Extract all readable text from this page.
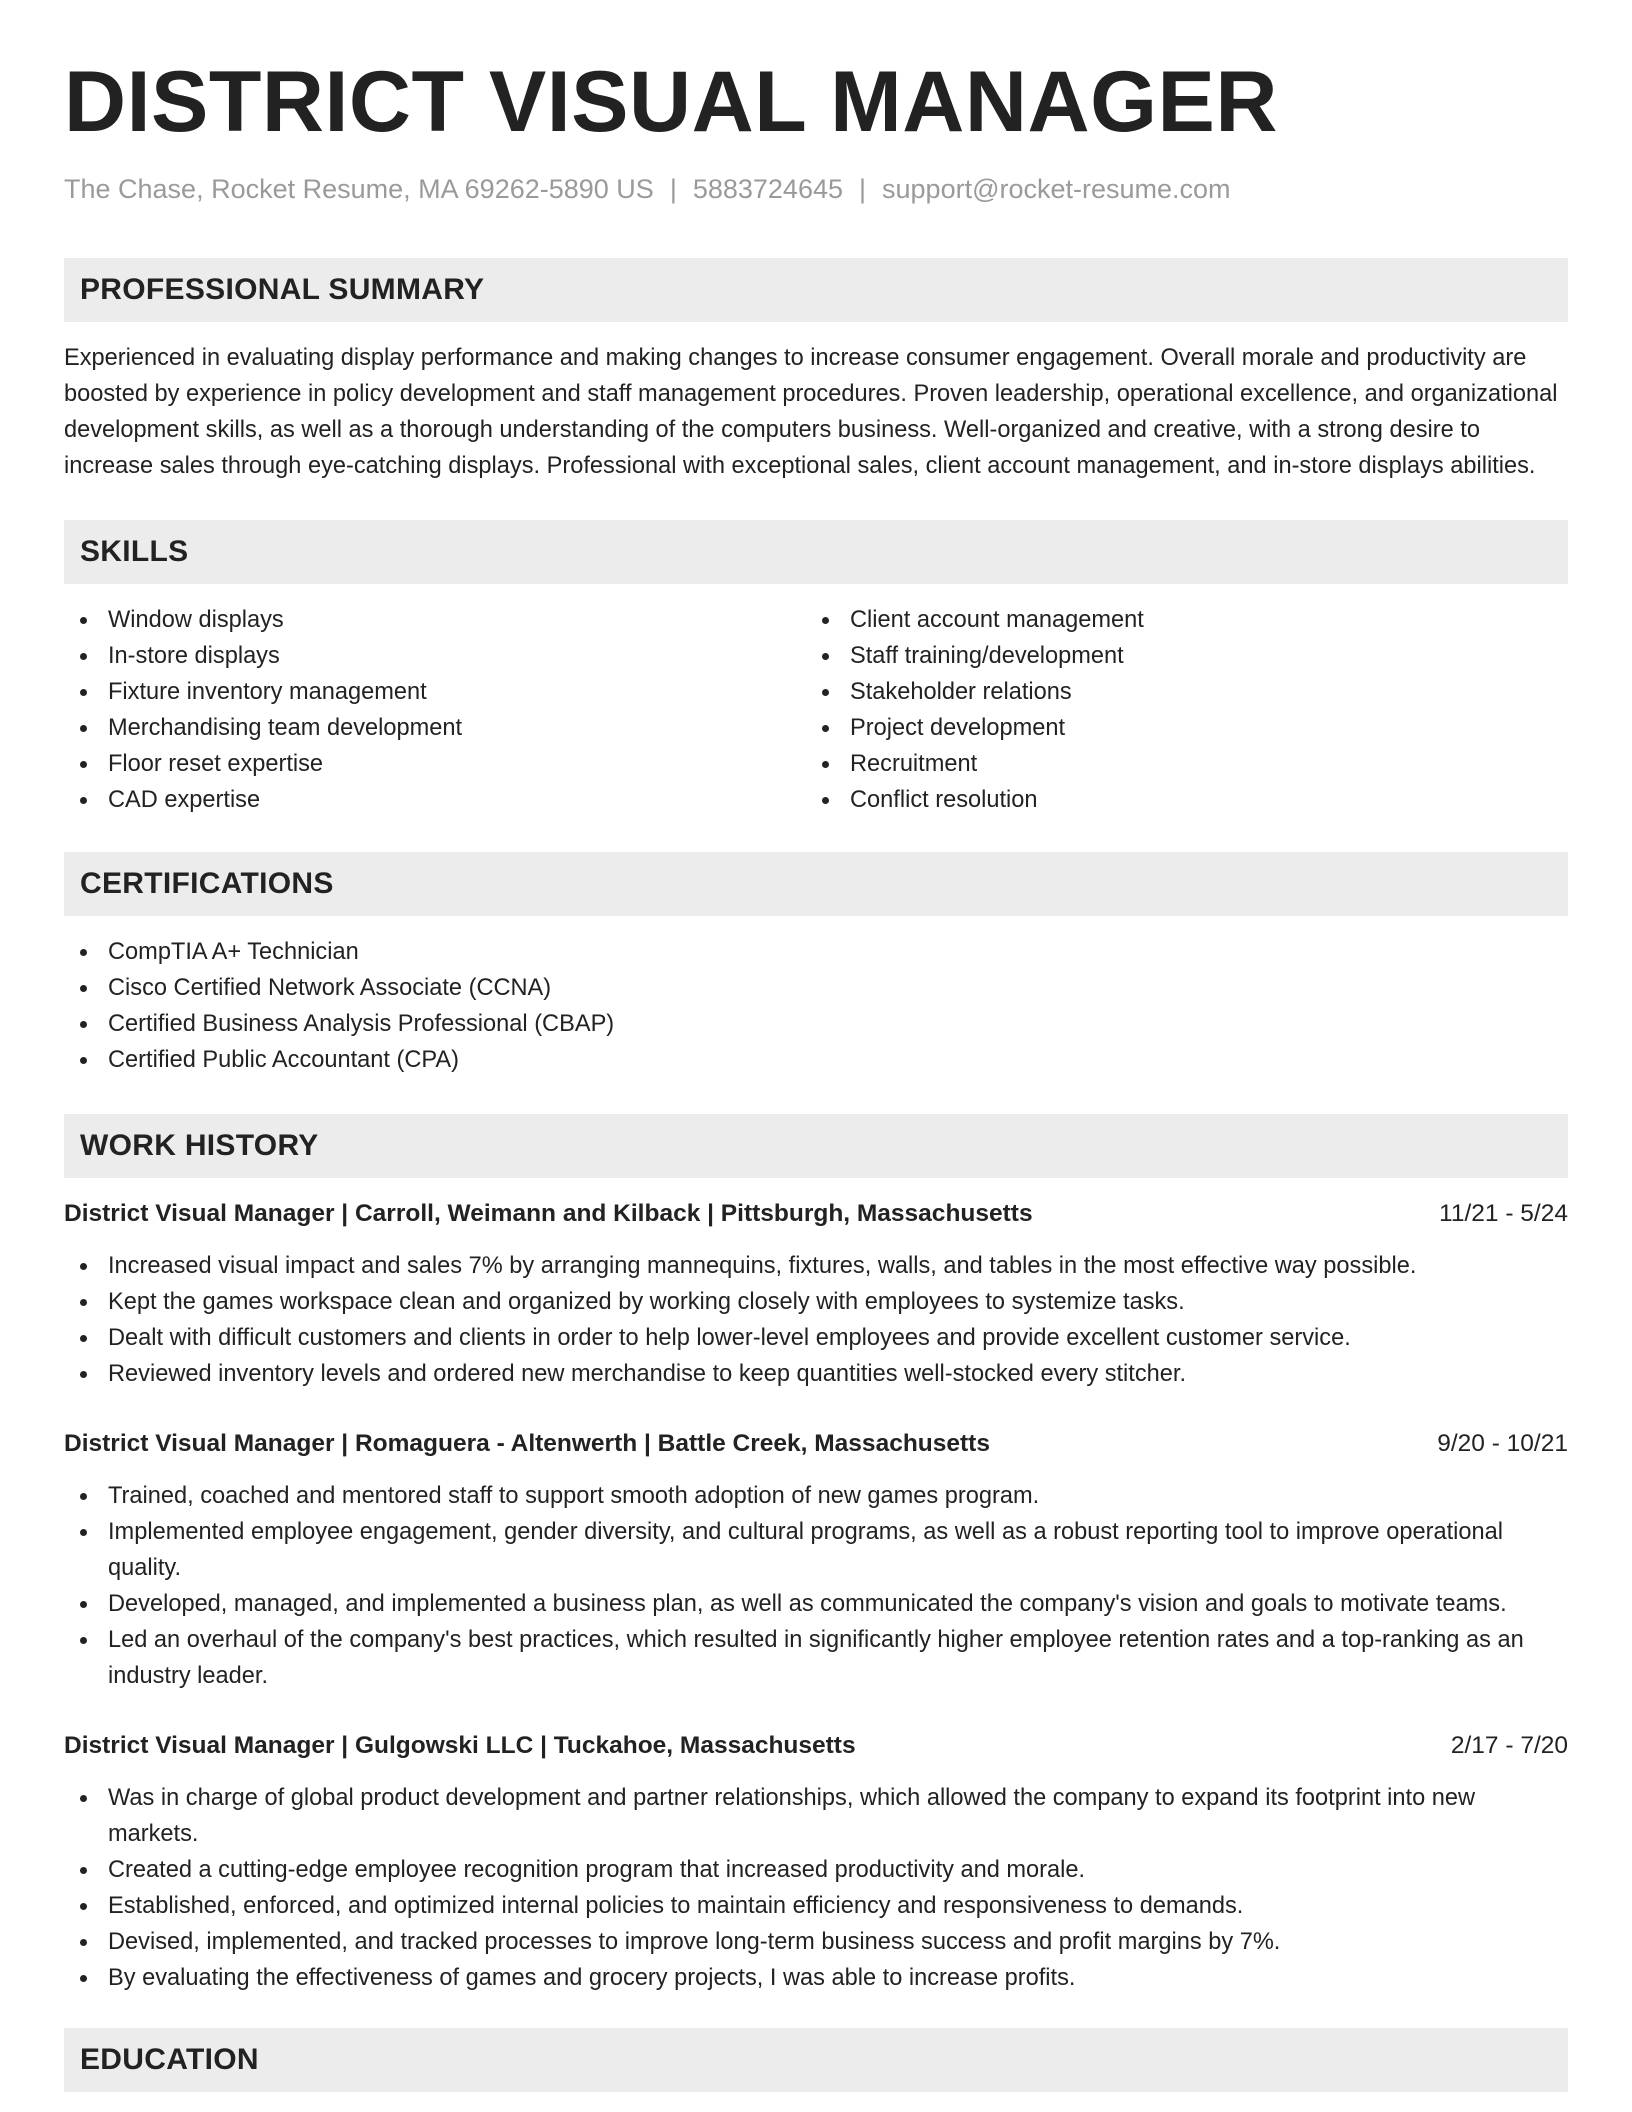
DISTRICT VISUAL MANAGER
The Chase, Rocket Resume, MA 69262-5890 US | 5883724645 | support@rocket-resume.com
PROFESSIONAL SUMMARY

Experienced in evaluating display performance and making changes to increase consumer engagement. Overall morale and productivity are boosted by experience in policy development and staff management procedures. Proven leadership, operational excellence, and organizational development skills, as well as a thorough understanding of the computers business. Well-organized and creative, with a strong desire to increase sales through eye-catching displays. Professional with exceptional sales, client account management, and in-store displays abilities.

SKILLS
Window displays
In-store displays
Fixture inventory management
Merchandising team development
Floor reset expertise
CAD expertise
Client account management
Staff training/development
Stakeholder relations
Project development
Recruitment
Conflict resolution
CERTIFICATIONS
CompTIA A+ Technician
Cisco Certified Network Associate (CCNA)
Certified Business Analysis Professional (CBAP)
Certified Public Accountant (CPA)
WORK HISTORY
District Visual Manager | Carroll, Weimann and Kilback | Pittsburgh, Massachusetts	11/21 - 5/24
Increased visual impact and sales 7% by arranging mannequins, fixtures, walls, and tables in the most effective way possible.
Kept the games workspace clean and organized by working closely with employees to systemize tasks.
Dealt with difficult customers and clients in order to help lower-level employees and provide excellent customer service.
Reviewed inventory levels and ordered new merchandise to keep quantities well-stocked every stitcher.
District Visual Manager | Romaguera - Altenwerth | Battle Creek, Massachusetts	9/20 - 10/21
Trained, coached and mentored staff to support smooth adoption of new games program.
Implemented employee engagement, gender diversity, and cultural programs, as well as a robust reporting tool to improve operational quality.
Developed, managed, and implemented a business plan, as well as communicated the company's vision and goals to motivate teams.
Led an overhaul of the company's best practices, which resulted in significantly higher employee retention rates and a top-ranking as an industry leader.
District Visual Manager | Gulgowski LLC | Tuckahoe, Massachusetts	2/17 - 7/20
Was in charge of global product development and partner relationships, which allowed the company to expand its footprint into new markets.
Created a cutting-edge employee recognition program that increased productivity and morale.
Established, enforced, and optimized internal policies to maintain efficiency and responsiveness to demands.
Devised, implemented, and tracked processes to improve long-term business success and profit margins by 7%.
By evaluating the effectiveness of games and grocery projects, I was able to increase profits.
EDUCATION
